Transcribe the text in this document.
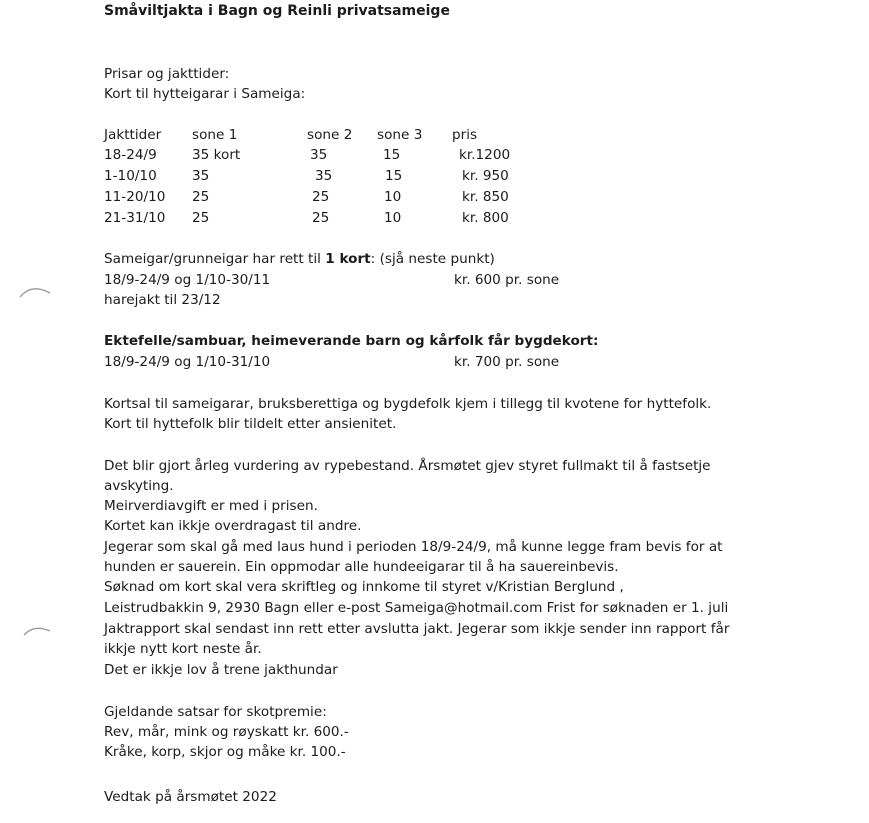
Småviltjakta i Bagn og Reinli privatsameige
Prisar og jakttider:
Kort til hytteigarar i Sameiga:
Jakttider sone 1	sone 2 sone 3 pris
18-24/9	35 kort	35	15	kr.1200
1-10/10	35	35	15	kr. 950
11-20/10 25	25	10	kr. 850
21-31/10 25	25	10	kr. 800
Sameigar/grunneigar har rett til 1 kort: (sjå neste punkt)
18/9-24/9 og 1/10-30/11	kr. 600 pr. sone
harejakt til 23/12
Ektefelle/sambuar, heimeverande barn og kårfolk får bygdekort:
18/9-24/9 og 1/10-31/10	kr. 700 pr. sone
Kortsal til sameigarar, bruksberettiga og bygdefolk kjem i tillegg til kvotene for hyttefolk.
Kort til hyttefolk blir tildelt etter ansienitet.
Det blir gjort årleg vurdering av rypebestand. Årsmøtet gjev styret fullmakt til å fastsetje
avskyting.
Meirverdiavgift er med i prisen.
Kortet kan ikkje overdragast til andre.
Jegerar som skal gå med laus hund i perioden 18/9-24/9, må kunne legge fram bevis for at
hunden er sauerein. Ein oppmodar alle hundeeigarar til å ha sauereinbevis.
Søknad om kort skal vera skriftleg og innkome til styret v/Kristian Berglund ,
Leistrudbakkin 9, 2930 Bagn eller e-post Sameiga@hotmail.com Frist for søknaden er 1. juli
Jaktrapport skal sendast inn rett etter avslutta jakt. Jegerar som ikkje sender inn rapport får
ikkje nytt kort neste år.
Det er ikkje lov å trene jakthundar
Gjeldande satsar for skotpremie:
Rev, mår, mink og røyskatt kr. 600.-
Kråke, korp, skjor og måke kr. 100.-
Vedtak på årsmøtet 2022
